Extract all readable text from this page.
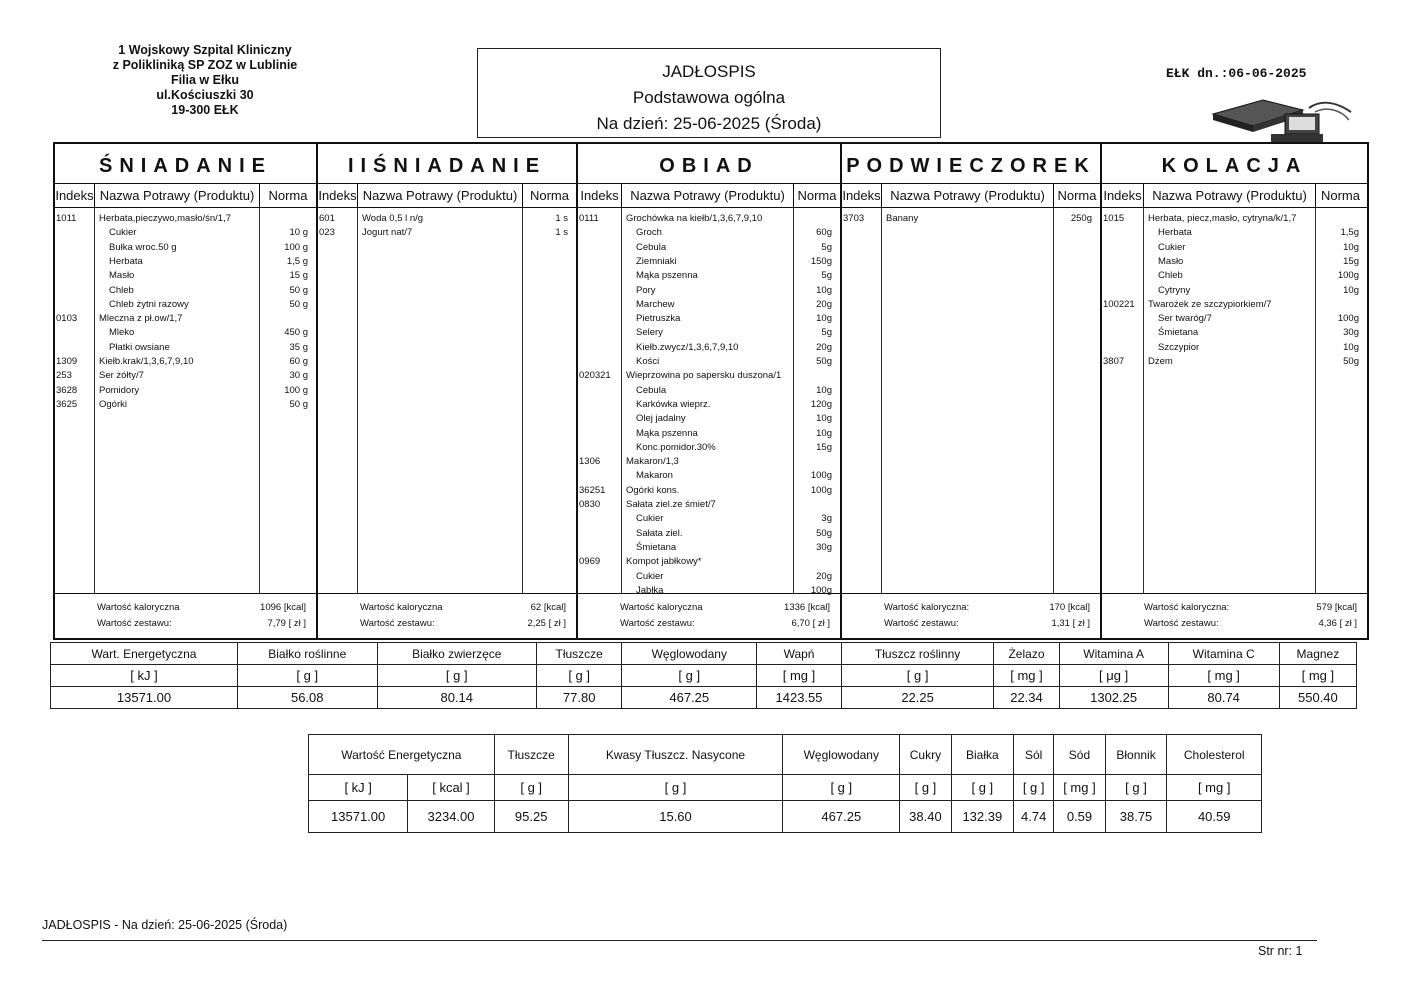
1 Wojskowy Szpital Kliniczny
z Polikliniką SP ZOZ w Lublinie
Filia w Ełku
ul.Kościuszki 30
19-300 EŁK
JADŁOSPIS
Podstawowa ogólna
Na dzień: 25-06-2025 (Środa)
EŁK dn.:06-06-2025
ŚNIADANIE
Indeks Nazwa Potrawy (Produktu)	Norma
1011 Herbata,pieczywo,masło/śn/1,7
Cukier	10 g
Bułka wroc.50 g	100 g
Herbata	1,5 g
Masło	15 g
Chleb	50 g
Chleb żytni razowy	50 g
0103 Mleczna z pł.ow/1,7
Mleko	450 g
Płatki owsiane	35 g
1309 Kiełb.krak/1,3,6,7,9,10	60 g
253	Ser żółty/7	30 g
3628 Pomidory	100 g
3625 Ogórki	50 g
Wartość kaloryczna	1096 [kcal]
Wartość zestawu:	7,79 [ zł ]
IIŚNIADANIE
Indeks Nazwa Potrawy (Produktu) Norma
601	Woda 0,5 l n/g	1 s
023	Jogurt nat/7	1 s
Wartość kaloryczna	62 [kcal]
Wartość zestawu:	2,25 [ zł ]
OBIAD
Indeks Nazwa Potrawy (Produktu) Norma
0111	Grochówka na kiełb/1,3,6,7,9,10
Groch	60g
Cebula	5g
Ziemniaki	150g
Mąka pszenna	5g
Pory	10g
Marchew	20g
Pietruszka	10g
Selery	5g
Kiełb.zwycz/1,3,6,7,9,10	20g
Kości	50g
020321 Wieprzowina po sapersku duszona/1
Cebula	10g
Karkówka wieprz.	120g
Olej jadalny	10g
Mąka pszenna	10g
Konc.pomidor.30%	15g
1306	Makaron/1,3
Makaron	100g
36251 Ogórki kons.	100g
0830	Sałata ziel.ze śmiet/7
Cukier	3g
Sałata ziel.	50g
Śmietana	30g
0969	Kompot jabłkowy*
Cukier	20g
Jabłka	100g
Wartość kaloryczna	1336 [kcal]
Wartość zestawu:	6,70 [ zł ]
PODWIECZOREK
Indeks Nazwa Potrawy (Produktu) Norma
3703 Banany	250g
Wartość kaloryczna:	170 [kcal]
Wartość zestawu:	1,31 [ zł ]
KOLACJA
Indeks Nazwa Potrawy (Produktu)	Norma
1015	Herbata, piecz,masło, cytryna/k/1,7
Herbata	1,5g
Cukier	10g
Masło	15g
Chleb	100g
Cytryny	10g
100221 Twarożek ze szczypiorkiem/7
Ser twaróg/7	100g
Śmietana	30g
Szczypior	10g
3807	Dżem	50g
Wartość kaloryczna:	579 [kcal]
Wartość zestawu:	4,36 [ zł ]
Wart. Energetyczna	Białko roślinne	Białko zwierzęce	Tłuszcze	Węglowodany	Wapń	Tłuszcz roślinny	Żelazo	Witamina A	Witamina C	Magnez
[ kJ ]	[ g ]	[ g ]	[ g ]	[ g ]	[ mg ]	[ g ]	[ mg ]	[ μg ]	[ mg ]	[ mg ]
13571.00	56.08	80.14	77.80	467.25	1423.55	22.25	22.34	1302.25	80.74	550.40
Wartość Energetyczna		Tłuszcze	Kwasy Tłuszcz. Nasycone	Węglowodany	Cukry	Białka	Sól	Sód	Błonnik	Cholesterol
[ kJ ]	[ kcal ]	[ g ]	[ g ]	[ g ]	[ g ]	[ g ]	[ g ]	[ mg ]	[ g ]	[ mg ]
13571.00	3234.00	95.25	15.60	467.25	38.40	132.39	4.74	0.59	38.75	40.59
JADŁOSPIS - Na dzień: 25-06-2025 (Środa)
Str nr: 1
